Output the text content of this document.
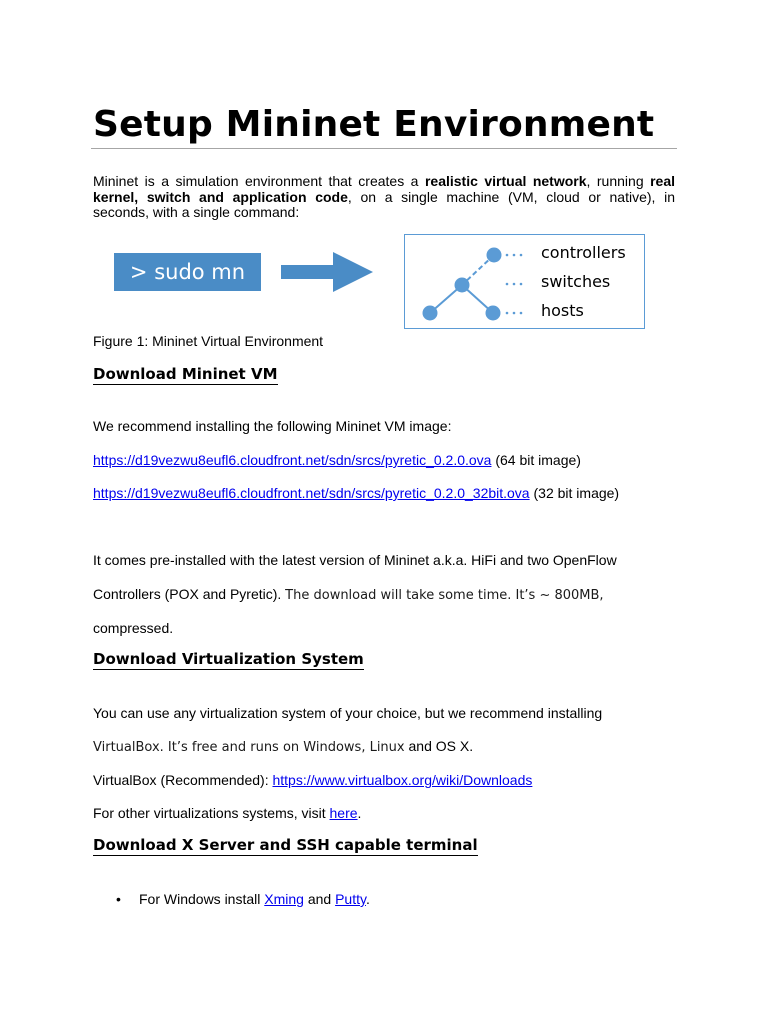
Setup Mininet Environment
Mininet is a simulation environment that creates a realistic virtual network, running real
kernel, switch and application code, on a single machine (VM, cloud or native), in
seconds, with a single command:
> sudo mn
controllers
switches
hosts

Figure 1: Mininet Virtual Environment

Download Mininet VM

We recommend installing the following Mininet VM image:

https://d19vezwu8eufl6.cloudfront.net/sdn/srcs/pyretic_0.2.0.ova (64 bit image)

https://d19vezwu8eufl6.cloudfront.net/sdn/srcs/pyretic_0.2.0_32bit.ova (32 bit image)

It comes pre-installed with the latest version of Mininet a.k.a. HiFi and two OpenFlow

Controllers (POX and Pyretic). The download will take some time. It’s ~ 800MB,

compressed.

Download Virtualization System

You can use any virtualization system of your choice, but we recommend installing

VirtualBox. It’s free and runs on Windows, Linux and OS X.

VirtualBox (Recommended): https://www.virtualbox.org/wiki/Downloads

For other virtualizations systems, visit here.

Download X Server and SSH capable terminal
• For Windows install Xming and Putty.
